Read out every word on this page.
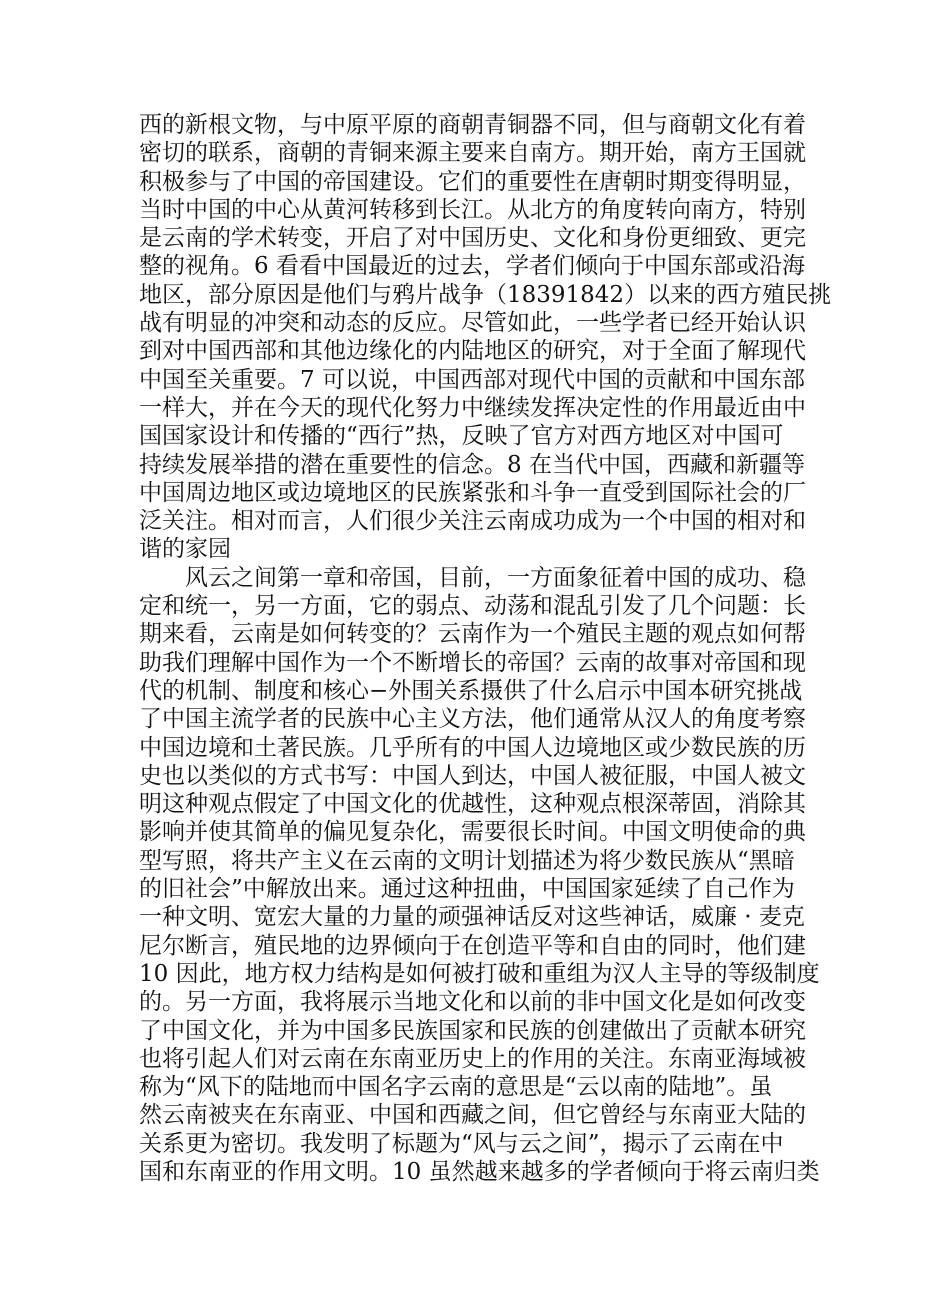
西的新根文物，与中原平原的商朝青铜器不同，但与商朝文化有着
密切的联系，商朝的青铜来源主要来自南方。期开始，南方王国就
积极参与了中国的帝国建设。它们的重要性在唐朝时期变得明显，
当时中国的中心从黄河转移到长江。从北方的角度转向南方，特别
是云南的学术转变，开启了对中国历史、文化和身份更细致、更完
整的视角。6 看看中国最近的过去，学者们倾向于中国东部或沿海
地区，部分原因是他们与鸦片战争（18391842）以来的西方殖民挑
战有明显的冲突和动态的反应。尽管如此，一些学者已经开始认识
到对中国西部和其他边缘化的内陆地区的研究，对于全面了解现代
中国至关重要。7 可以说，中国西部对现代中国的贡献和中国东部
一样大，并在今天的现代化努力中继续发挥决定性的作用最近由中
国国家设计和传播的“西行”热，反映了官方对西方地区对中国可
持续发展举措的潜在重要性的信念。8 在当代中国，西藏和新疆等
中国周边地区或边境地区的民族紧张和斗争一直受到国际社会的厂
泛关注。相对而言，人们很少关注云南成功成为一个中国的相对和
谐的家园
风云之间第一章和帝国，目前，一方面象征着中国的成功、稳
定和统一，另一方面，它的弱点、动荡和混乱引发了几个问题：长
期来看，云南是如何转变的？云南作为一个殖民主题的观点如何帮
助我们理解中国作为一个不断增长的帝国？云南的故事对帝国和现
代的机制、制度和核心−外围关系摄供了什么启示中国本研究挑战
了中国主流学者的民族中心主义方法，他们通常从汉人的角度考察
中国边境和土著民族。几乎所有的中国人边境地区或少数民族的历
史也以类似的方式书写：中国人到达，中国人被征服，中国人被文
明这种观点假定了中国文化的优越性，这种观点根深蒂固，消除其
影响并使其简单的偏见复杂化，需要很长时间。中国文明使命的典
型写照，将共产主义在云南的文明计划描述为将少数民族从“黑暗
的旧社会”中解放出来。通过这种扭曲，中国国家延续了自己作为
一种文明、宽宏大量的力量的顽强神话反对这些神话，威廉 · 麦克
尼尔断言，殖民地的边界倾向于在创造平等和自由的同时，他们建
10 因此，地方权力结构是如何被打破和重组为汉人主导的等级制度
的。另一方面，我将展示当地文化和以前的非中国文化是如何改变
了中国文化，并为中国多民族国家和民族的创建做出了贡献本研究
也将引起人们对云南在东南亚历史上的作用的关注。东南亚海域被
称为“风下的陆地而中国名字云南的意思是“云以南的陆地”。虽
然云南被夹在东南亚、中国和西藏之间，但它曾经与东南亚大陆的
关系更为密切。我发明了标题为“风与云之间”，揭示了云南在中
国和东南亚的作用文明。10 虽然越来越多的学者倾向于将云南归类
